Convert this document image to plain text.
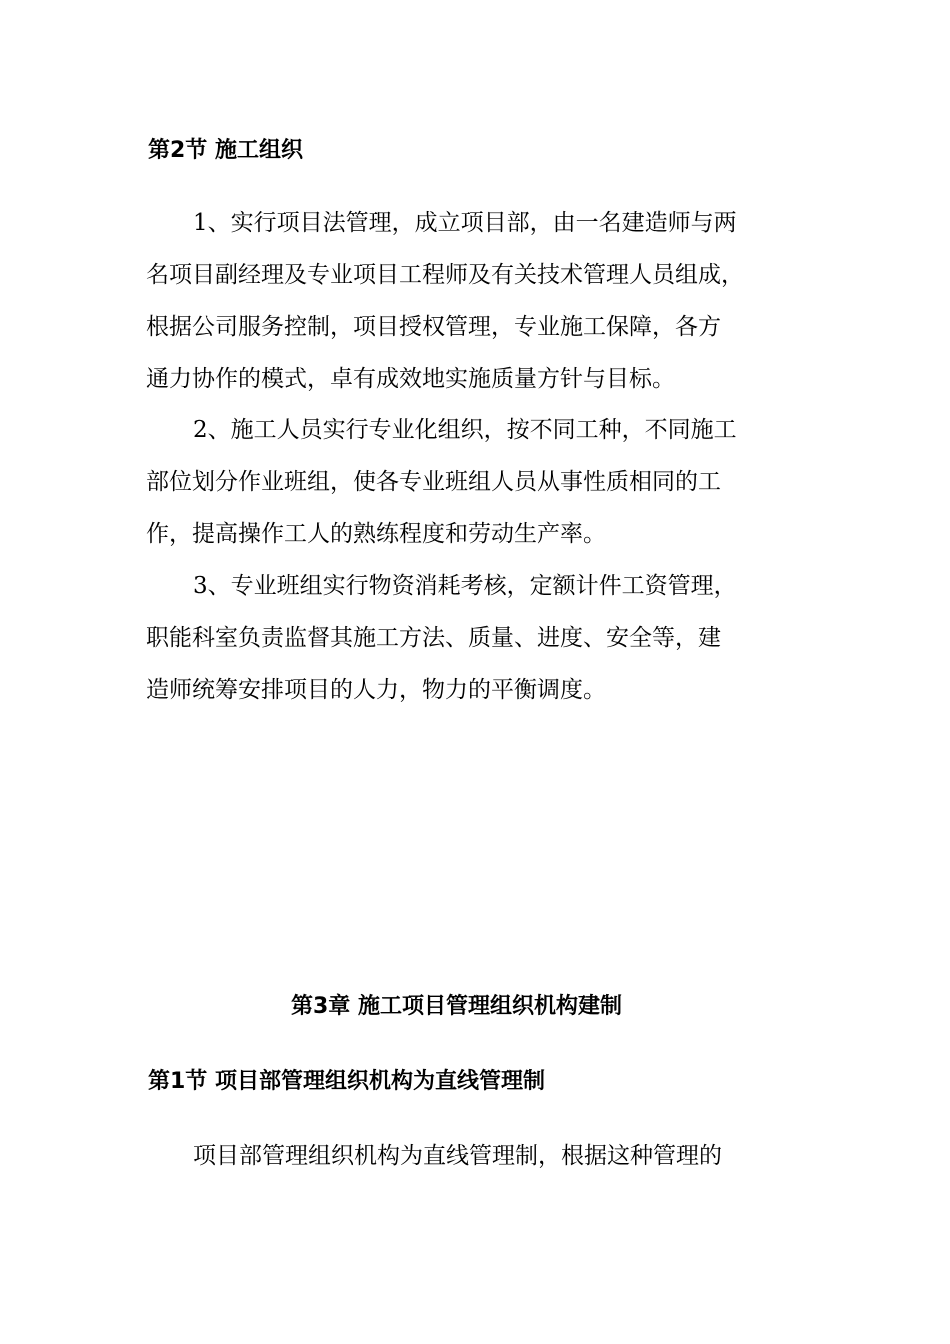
第2节 施工组织

1、实行项目法管理，成立项目部，由一名建造师与两
名项目副经理及专业项目工程师及有关技术管理人员组成，
根据公司服务控制，项目授权管理，专业施工保障，各方
通力协作的模式，卓有成效地实施质量方针与目标。

2、施工人员实行专业化组织，按不同工种，不同施工
部位划分作业班组，使各专业班组人员从事性质相同的工
作，提高操作工人的熟练程度和劳动生产率。

3、专业班组实行物资消耗考核，定额计件工资管理，
职能科室负责监督其施工方法、质量、进度、安全等，建
造师统筹安排项目的人力，物力的平衡调度。

第3章 施工项目管理组织机构建制
第1节 项目部管理组织机构为直线管理制

项目部管理组织机构为直线管理制，根据这种管理的
